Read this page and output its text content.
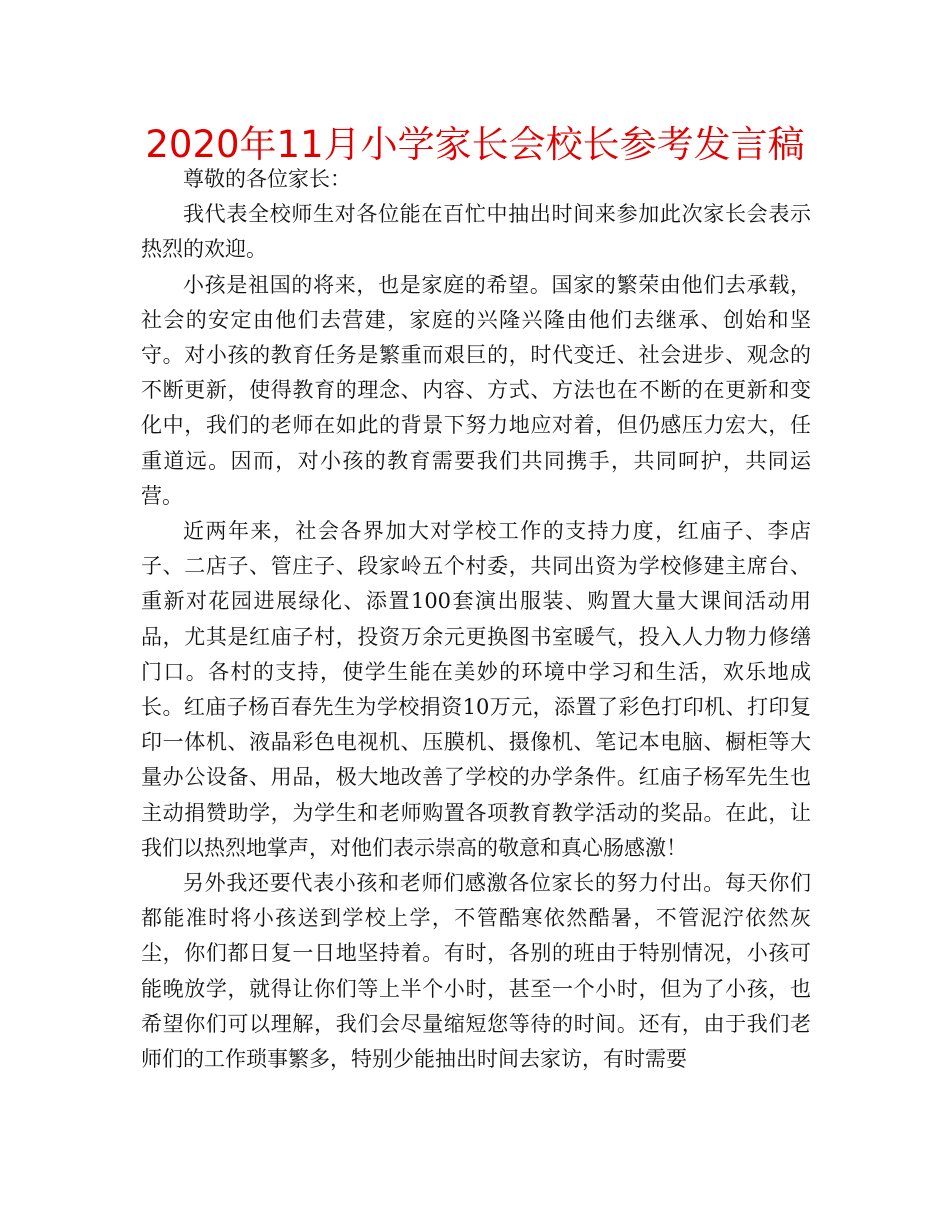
2020年11月小学家长会校长参考发言稿

尊敬的各位家长：

我代表全校师生对各位能在百忙中抽出时间来参加此次家长会表示热烈的欢迎。

小孩是祖国的将来，也是家庭的希望。国家的繁荣由他们去承载，社会的安定由他们去营建，家庭的兴隆兴隆由他们去继承、创始和坚守。对小孩的教育任务是繁重而艰巨的，时代变迁、社会进步、观念的不断更新，使得教育的理念、内容、方式、方法也在不断的在更新和变化中，我们的老师在如此的背景下努力地应对着，但仍感压力宏大，任重道远。因而，对小孩的教育需要我们共同携手，共同呵护，共同运营。

近两年来，社会各界加大对学校工作的支持力度，红庙子、李店子、二店子、管庄子、段家岭五个村委，共同出资为学校修建主席台、重新对花园进展绿化、添置100套演出服装、购置大量大课间活动用品，尤其是红庙子村，投资万余元更换图书室暖气，投入人力物力修缮门口。各村的支持，使学生能在美妙的环境中学习和生活，欢乐地成长。红庙子杨百春先生为学校捐资10万元，添置了彩色打印机、打印复印一体机、液晶彩色电视机、压膜机、摄像机、笔记本电脑、橱柜等大量办公设备、用品，极大地改善了学校的办学条件。红庙子杨军先生也主动捐赞助学，为学生和老师购置各项教育教学活动的奖品。在此，让我们以热烈地掌声，对他们表示崇高的敬意和真心肠感激！

另外我还要代表小孩和老师们感激各位家长的努力付出。每天你们都能准时将小孩送到学校上学，不管酷寒依然酷暑，不管泥泞依然灰尘，你们都日复一日地坚持着。有时，各别的班由于特别情况，小孩可能晚放学，就得让你们等上半个小时，甚至一个小时，但为了小孩，也希望你们可以理解，我们会尽量缩短您等待的时间。还有，由于我们老师们的工作琐事繁多，特别少能抽出时间去家访，有时需要
